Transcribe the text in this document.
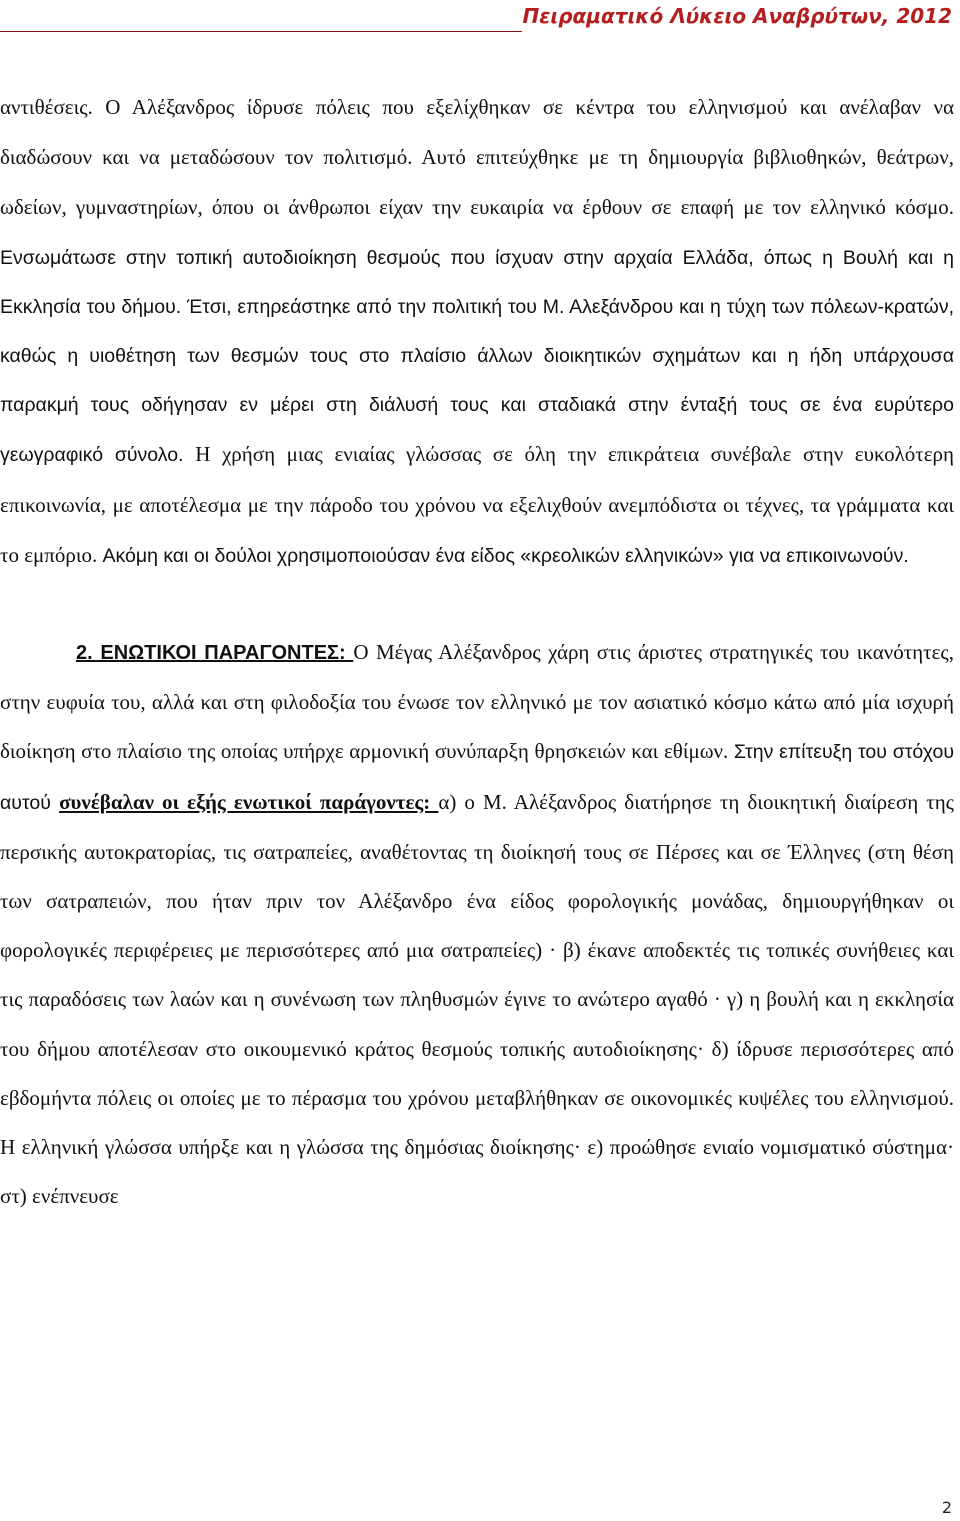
Πειραματικό Λύκειο Αναβρύτων, 2012

αντιθέσεις. Ο Αλέξανδρος ίδρυσε πόλεις που εξελίχθηκαν σε κέντρα του ελληνισμού και ανέλαβαν να διαδώσουν και να μεταδώσουν τον πολιτισμό. Αυτό επιτεύχθηκε με τη δημιουργία βιβλιοθηκών, θεάτρων, ωδείων, γυμναστηρίων, όπου οι άνθρωποι είχαν την ευκαιρία να έρθουν σε επαφή με τον ελληνικό κόσμο. Ενσωμάτωσε στην τοπική αυτοδιοίκηση θεσμούς που ίσχυαν στην αρχαία Ελλάδα, όπως η Βουλή και η Εκκλησία του δήμου. Έτσι, επηρεάστηκε από την πολιτική του Μ. Αλεξάνδρου και η τύχη των πόλεων-κρατών, καθώς η υιοθέτηση των θεσμών τους στο πλαίσιο άλλων διοικητικών σχημάτων και η ήδη υπάρχουσα παρακμή τους οδήγησαν εν μέρει στη διάλυσή τους και σταδιακά στην ένταξή τους σε ένα ευρύτερο γεωγραφικό σύνολο. Η χρήση μιας ενιαίας γλώσσας σε όλη την επικράτεια συνέβαλε στην ευκολότερη επικοινωνία, με αποτέλεσμα με την πάροδο του χρόνου να εξελιχθούν ανεμπόδιστα οι τέχνες, τα γράμματα και το εμπόριο. Ακόμη και οι δούλοι χρησιμοποιούσαν ένα είδος «κρεολικών ελληνικών» για να επικοινωνούν.

2. ΕΝΩΤΙΚΟΙ ΠΑΡΑΓΟΝΤΕΣ: Ο Μέγας Αλέξανδρος χάρη στις άριστες στρατηγικές του ικανότητες, στην ευφυία του, αλλά και στη φιλοδοξία του ένωσε τον ελληνικό με τον ασιατικό κόσμο κάτω από μία ισχυρή διοίκηση στο πλαίσιο της οποίας υπήρχε αρμονική συνύπαρξη θρησκειών και εθίμων. Στην επίτευξη του στόχου αυτού συνέβαλαν οι εξής ενωτικοί παράγοντες: α) ο Μ. Αλέξανδρος διατήρησε τη διοικητική διαίρεση της περσικής αυτοκρατορίας, τις σατραπείες, αναθέτοντας τη διοίκησή τους σε Πέρσες και σε Έλληνες (στη θέση των σατραπειών, που ήταν πριν τον Αλέξανδρο ένα είδος φορολογικής μονάδας, δημιουργήθηκαν οι φορολογικές περιφέρειες με περισσότερες από μια σατραπείες) · β) έκανε αποδεκτές τις τοπικές συνήθειες και τις παραδόσεις των λαών και η συνένωση των πληθυσμών έγινε το ανώτερο αγαθό · γ) η βουλή και η εκκλησία του δήμου αποτέλεσαν στο οικουμενικό κράτος θεσμούς τοπικής αυτοδιοίκησης· δ) ίδρυσε περισσότερες από εβδομήντα πόλεις οι οποίες με το πέρασμα του χρόνου μεταβλήθηκαν σε οικονομικές κυψέλες του ελληνισμού. Η ελληνική γλώσσα υπήρξε και η γλώσσα της δημόσιας διοίκησης· ε) προώθησε ενιαίο νομισματικό σύστημα· στ) ενέπνευσε

2
